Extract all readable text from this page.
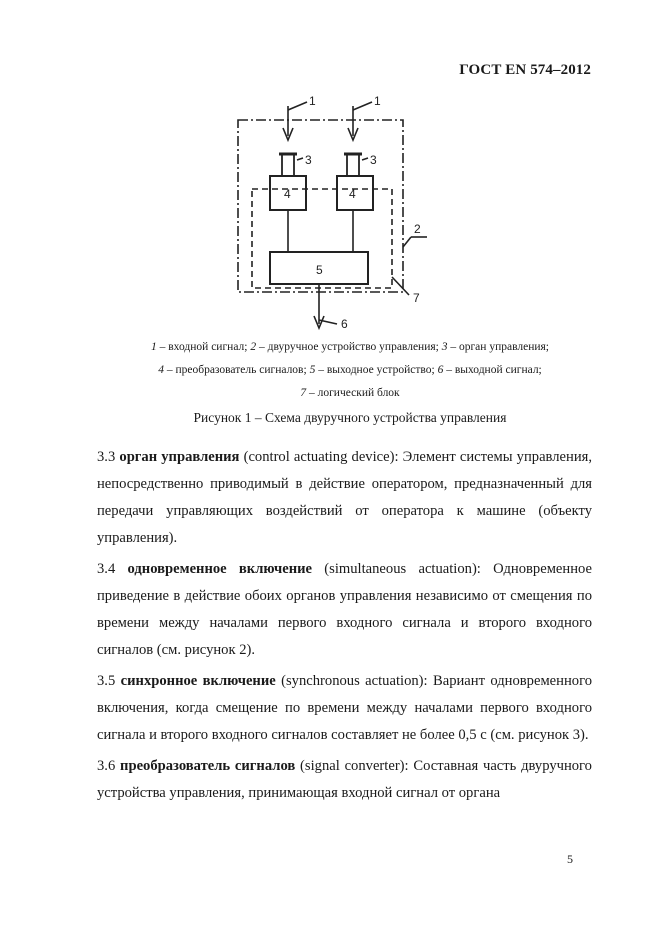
ГОСТ EN 574–2012
1	1
3	3
4	4
5
2
7
6
1 – входной сигнал; 2 – двуручное устройство управления; 3 – орган управления;
4 – преобразователь сигналов; 5 – выходное устройство; 6 – выходной сигнал;
7 – логический блок
Рисунок 1 – Схема двуручного устройства управления

3.3 орган управления (control actuating device): Элемент системы управления, непосредственно приводимый в действие оператором, предназначенный для передачи управляющих воздействий от оператора к машине (объекту управления).

3.4 одновременное включение (simultaneous actuation): Одновременное приведение в действие обоих органов управления независимо от смещения по времени между началами первого входного сигнала и второго входного сигналов (см. рисунок 2).

3.5 синхронное включение (synchronous actuation): Вариант одновременного включения, когда смещение по времени между началами первого входного сигнала и второго входного сигналов составляет не более 0,5 с (см. рисунок 3).

3.6 преобразователь сигналов (signal converter): Составная часть двуручного устройства управления, принимающая входной сигнал от органа

5
